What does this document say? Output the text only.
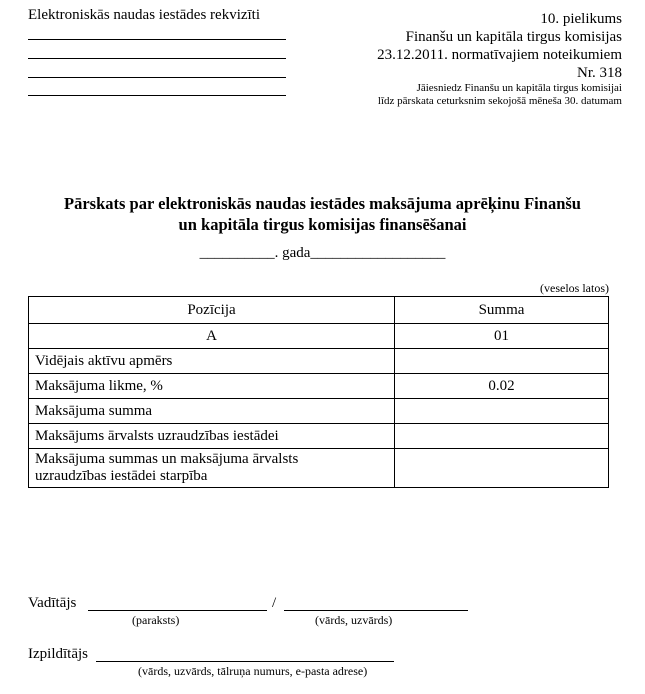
Elektroniskās naudas iestādes rekvizīti	10. pielikums
Finanšu un kapitāla tirgus komisijas
23.12.2011. normatīvajiem noteikumiem
Nr. 318
Jāiesniedz Finanšu un kapitāla tirgus komisijai
līdz pārskata ceturksnim sekojošā mēneša 30. datumam
Pārskats par elektroniskās naudas iestādes maksājuma aprēķinu Finanšu
un kapitāla tirgus komisijas finansēšanai
__________. gada__________________
(veselos latos)
Pozīcija	Summa
A	01
Vidējais aktīvu apmērs	
Maksājuma likme, %	0.02
Maksājuma summa	
Maksājums ārvalsts uzraudzības iestādei	

Maksājuma summas un maksājuma ārvalsts
uzraudzības iestādei starpība	

Vadītājs	/
(paraksts)	(vārds, uzvārds)
Izpildītājs
(vārds, uzvārds, tālruņa numurs, e-pasta adrese)
